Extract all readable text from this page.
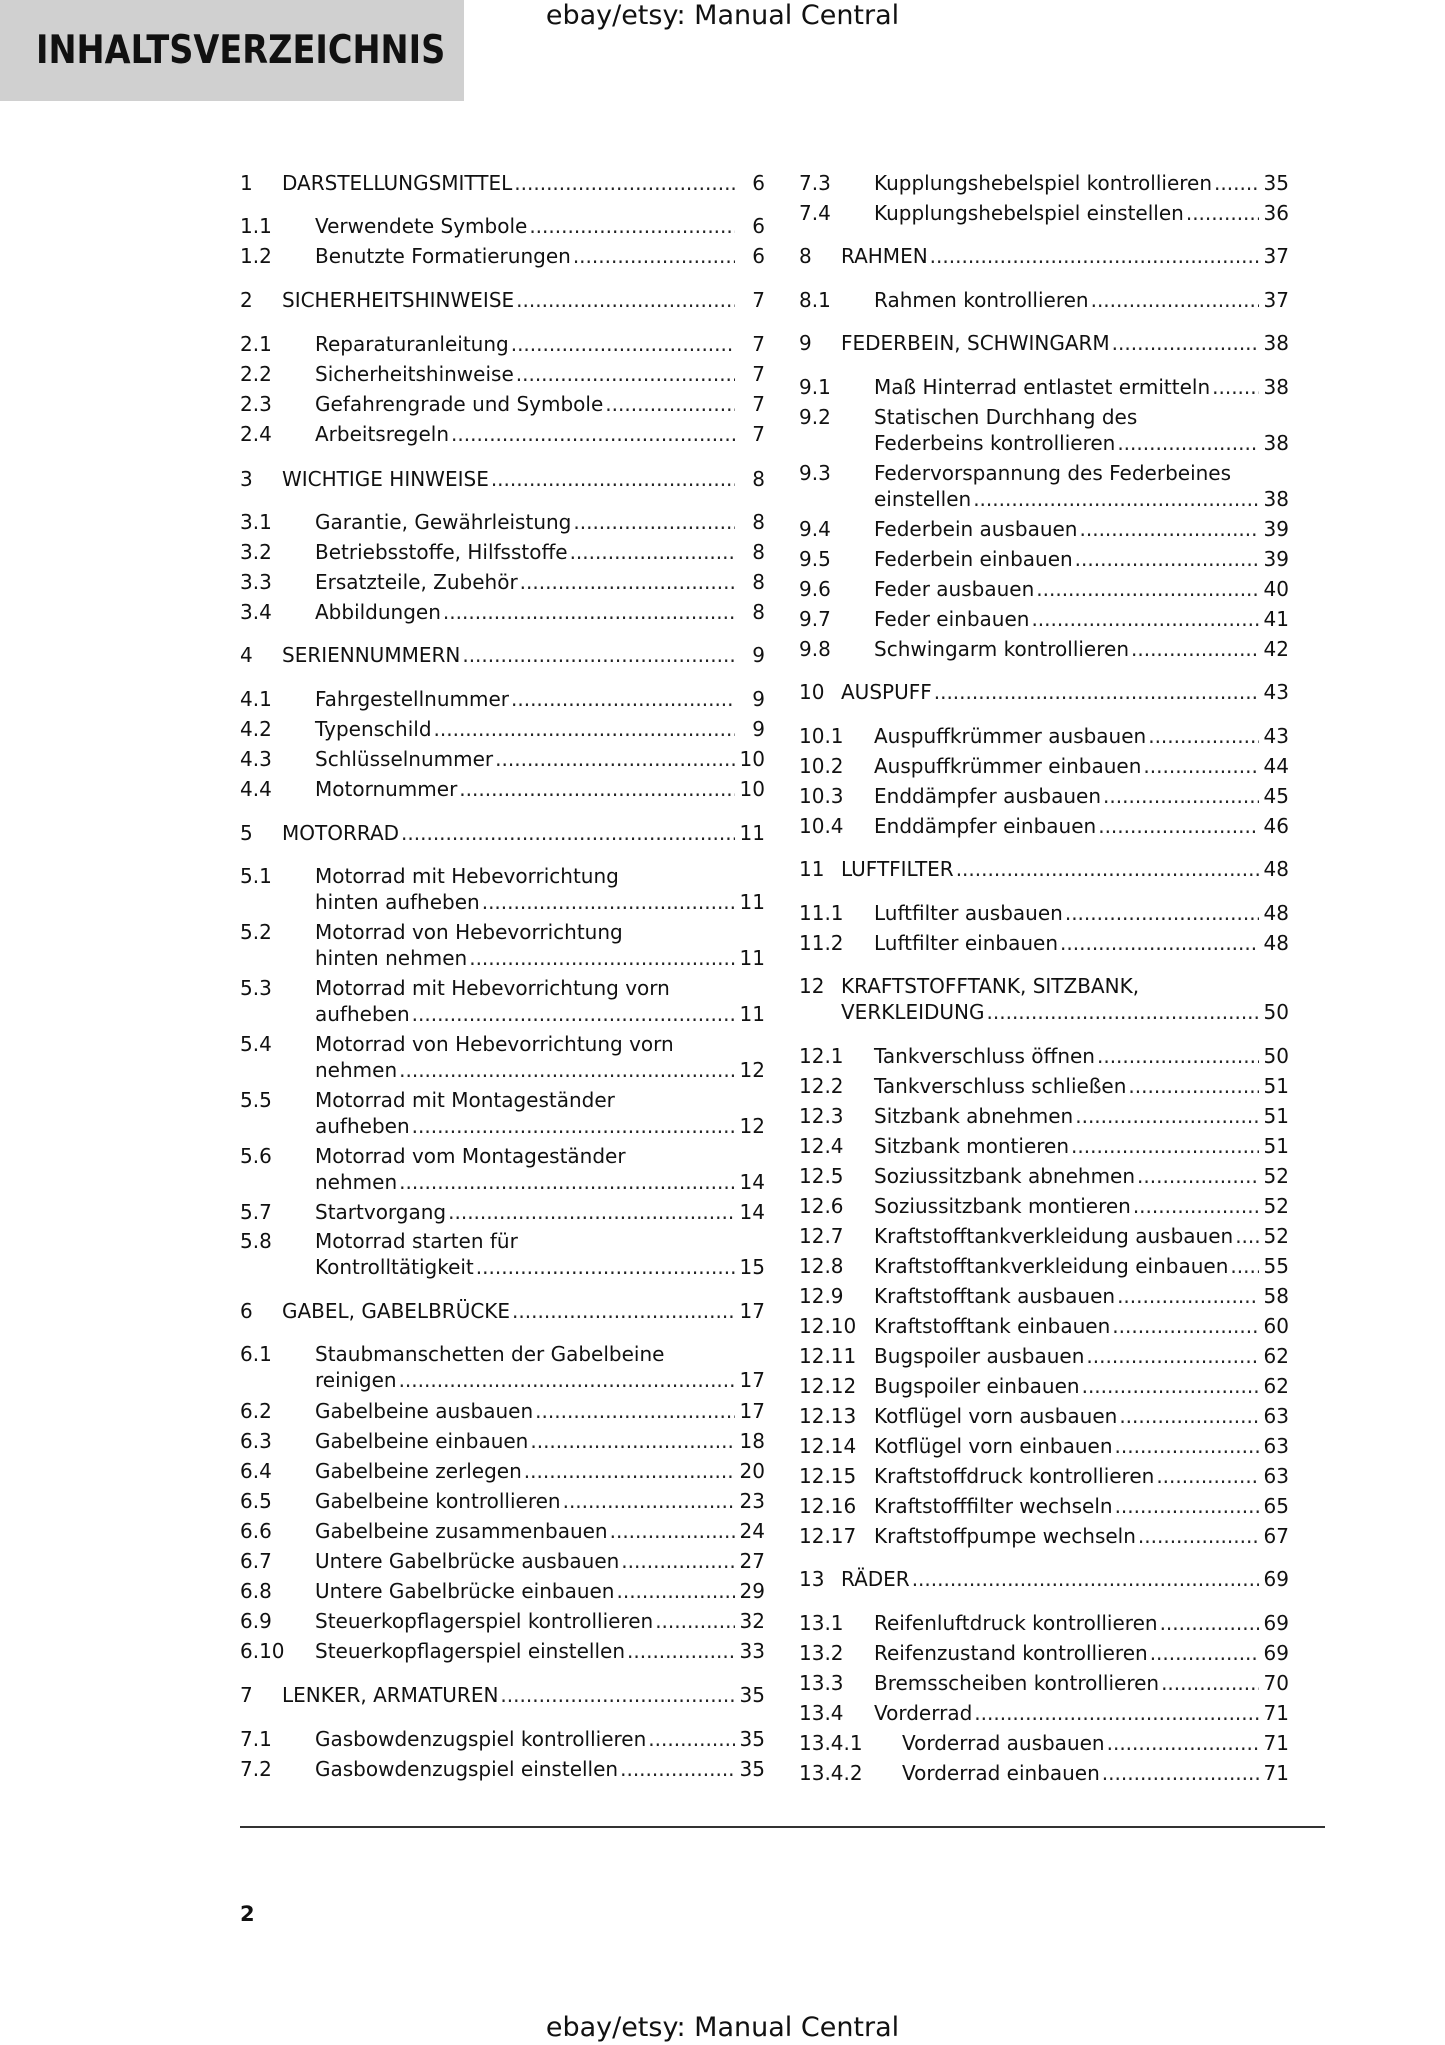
INHALTSVERZEICHNIS
ebay/etsy: Manual Central
1 DARSTELLUNGSMITTEL .....	6
1.1 Verwendete Symbole .....	6
1.2 Benutzte Formatierungen .....	6
2 SICHERHEITSHINWEISE .....	7
2.1 Reparaturanleitung .....	7
2.2 Sicherheitshinweise .....	7
2.3 Gefahrengrade und Symbole .....	7
2.4 Arbeitsregeln .....	7
3 WICHTIGE HINWEISE .....	8
3.1 Garantie, Gewährleistung .....	8
3.2 Betriebsstoffe, Hilfsstoffe .....	8
3.3 Ersatzteile, Zubehör .....	8
3.4 Abbildungen .....	8
4 SERIENNUMMERN .....	9
4.1 Fahrgestellnummer .....	9
4.2 Typenschild .....	9
4.3 Schlüsselnummer .....	10
4.4 Motornummer .....	10
5 MOTORRAD .....	11
5.1 Motorrad mit Hebevorrichtung
hinten aufheben .....	11
5.2 Motorrad von Hebevorrichtung
hinten nehmen .....	11
5.3 Motorrad mit Hebevorrichtung vorn
aufheben .....	11
5.4 Motorrad von Hebevorrichtung vorn
nehmen .....	12
5.5 Motorrad mit Montageständer
aufheben .....	12
5.6 Motorrad vom Montageständer
nehmen .....	14
5.7 Startvorgang .....	14
5.8 Motorrad starten für
Kontrolltätigkeit .....	15
6 GABEL, GABELBRÜCKE .....	17
6.1 Staubmanschetten der Gabelbeine
reinigen .....	17
6.2 Gabelbeine ausbauen .....	17
6.3 Gabelbeine einbauen .....	18
6.4 Gabelbeine zerlegen .....	20
6.5 Gabelbeine kontrollieren .....	23
6.6 Gabelbeine zusammenbauen .....	24
6.7 Untere Gabelbrücke ausbauen .....	27
6.8 Untere Gabelbrücke einbauen .....	29
6.9 Steuerkopflagerspiel kontrollieren .....	32
6.10 Steuerkopflagerspiel einstellen .....	33
7 LENKER, ARMATUREN .....	35
7.1 Gasbowdenzugspiel kontrollieren .....	35
7.2 Gasbowdenzugspiel einstellen .....	35
7.3 Kupplungshebelspiel kontrollieren .....	35
7.4 Kupplungshebelspiel einstellen .....	36
8 RAHMEN .....	37
8.1 Rahmen kontrollieren .....	37
9 FEDERBEIN, SCHWINGARM .....	38
9.1 Maß Hinterrad entlastet ermitteln .....	38
9.2 Statischen Durchhang des
Federbeins kontrollieren .....	38
9.3 Federvorspannung des Federbeines
einstellen .....	38
9.4 Federbein ausbauen .....	39
9.5 Federbein einbauen .....	39
9.6 Feder ausbauen .....	40
9.7 Feder einbauen .....	41
9.8 Schwingarm kontrollieren .....	42
10 AUSPUFF .....	43
10.1 Auspuffkrümmer ausbauen .....	43
10.2 Auspuffkrümmer einbauen .....	44
10.3 Enddämpfer ausbauen .....	45
10.4 Enddämpfer einbauen .....	46
11 LUFTFILTER .....	48
11.1 Luftfilter ausbauen .....	48
11.2 Luftfilter einbauen .....	48
12 KRAFTSTOFFTANK, SITZBANK,
VERKLEIDUNG .....	50
12.1 Tankverschluss öffnen .....	50
12.2 Tankverschluss schließen .....	51
12.3 Sitzbank abnehmen .....	51
12.4 Sitzbank montieren .....	51
12.5 Soziussitzbank abnehmen .....	52
12.6 Soziussitzbank montieren .....	52
12.7 Kraftstofftankverkleidung ausbauen ..... 52
12.8 Kraftstofftankverkleidung einbauen ..... 55
12.9 Kraftstofftank ausbauen .....	58
12.10 Kraftstofftank einbauen .....	60
12.11 Bugspoiler ausbauen .....	62
12.12 Bugspoiler einbauen .....	62
12.13 Kotflügel vorn ausbauen .....	63
12.14 Kotflügel vorn einbauen .....	63
12.15 Kraftstoffdruck kontrollieren .....	63
12.16 Kraftstofffilter wechseln .....	65
12.17 Kraftstoffpumpe wechseln .....	67
13 RÄDER .....	69
13.1 Reifenluftdruck kontrollieren .....	69
13.2 Reifenzustand kontrollieren .....	69
13.3 Bremsscheiben kontrollieren .....	70
13.4 Vorderrad .....	71
13.4.1 Vorderrad ausbauen .....	71
13.4.2 Vorderrad einbauen .....	71
2
ebay/etsy: Manual Central
